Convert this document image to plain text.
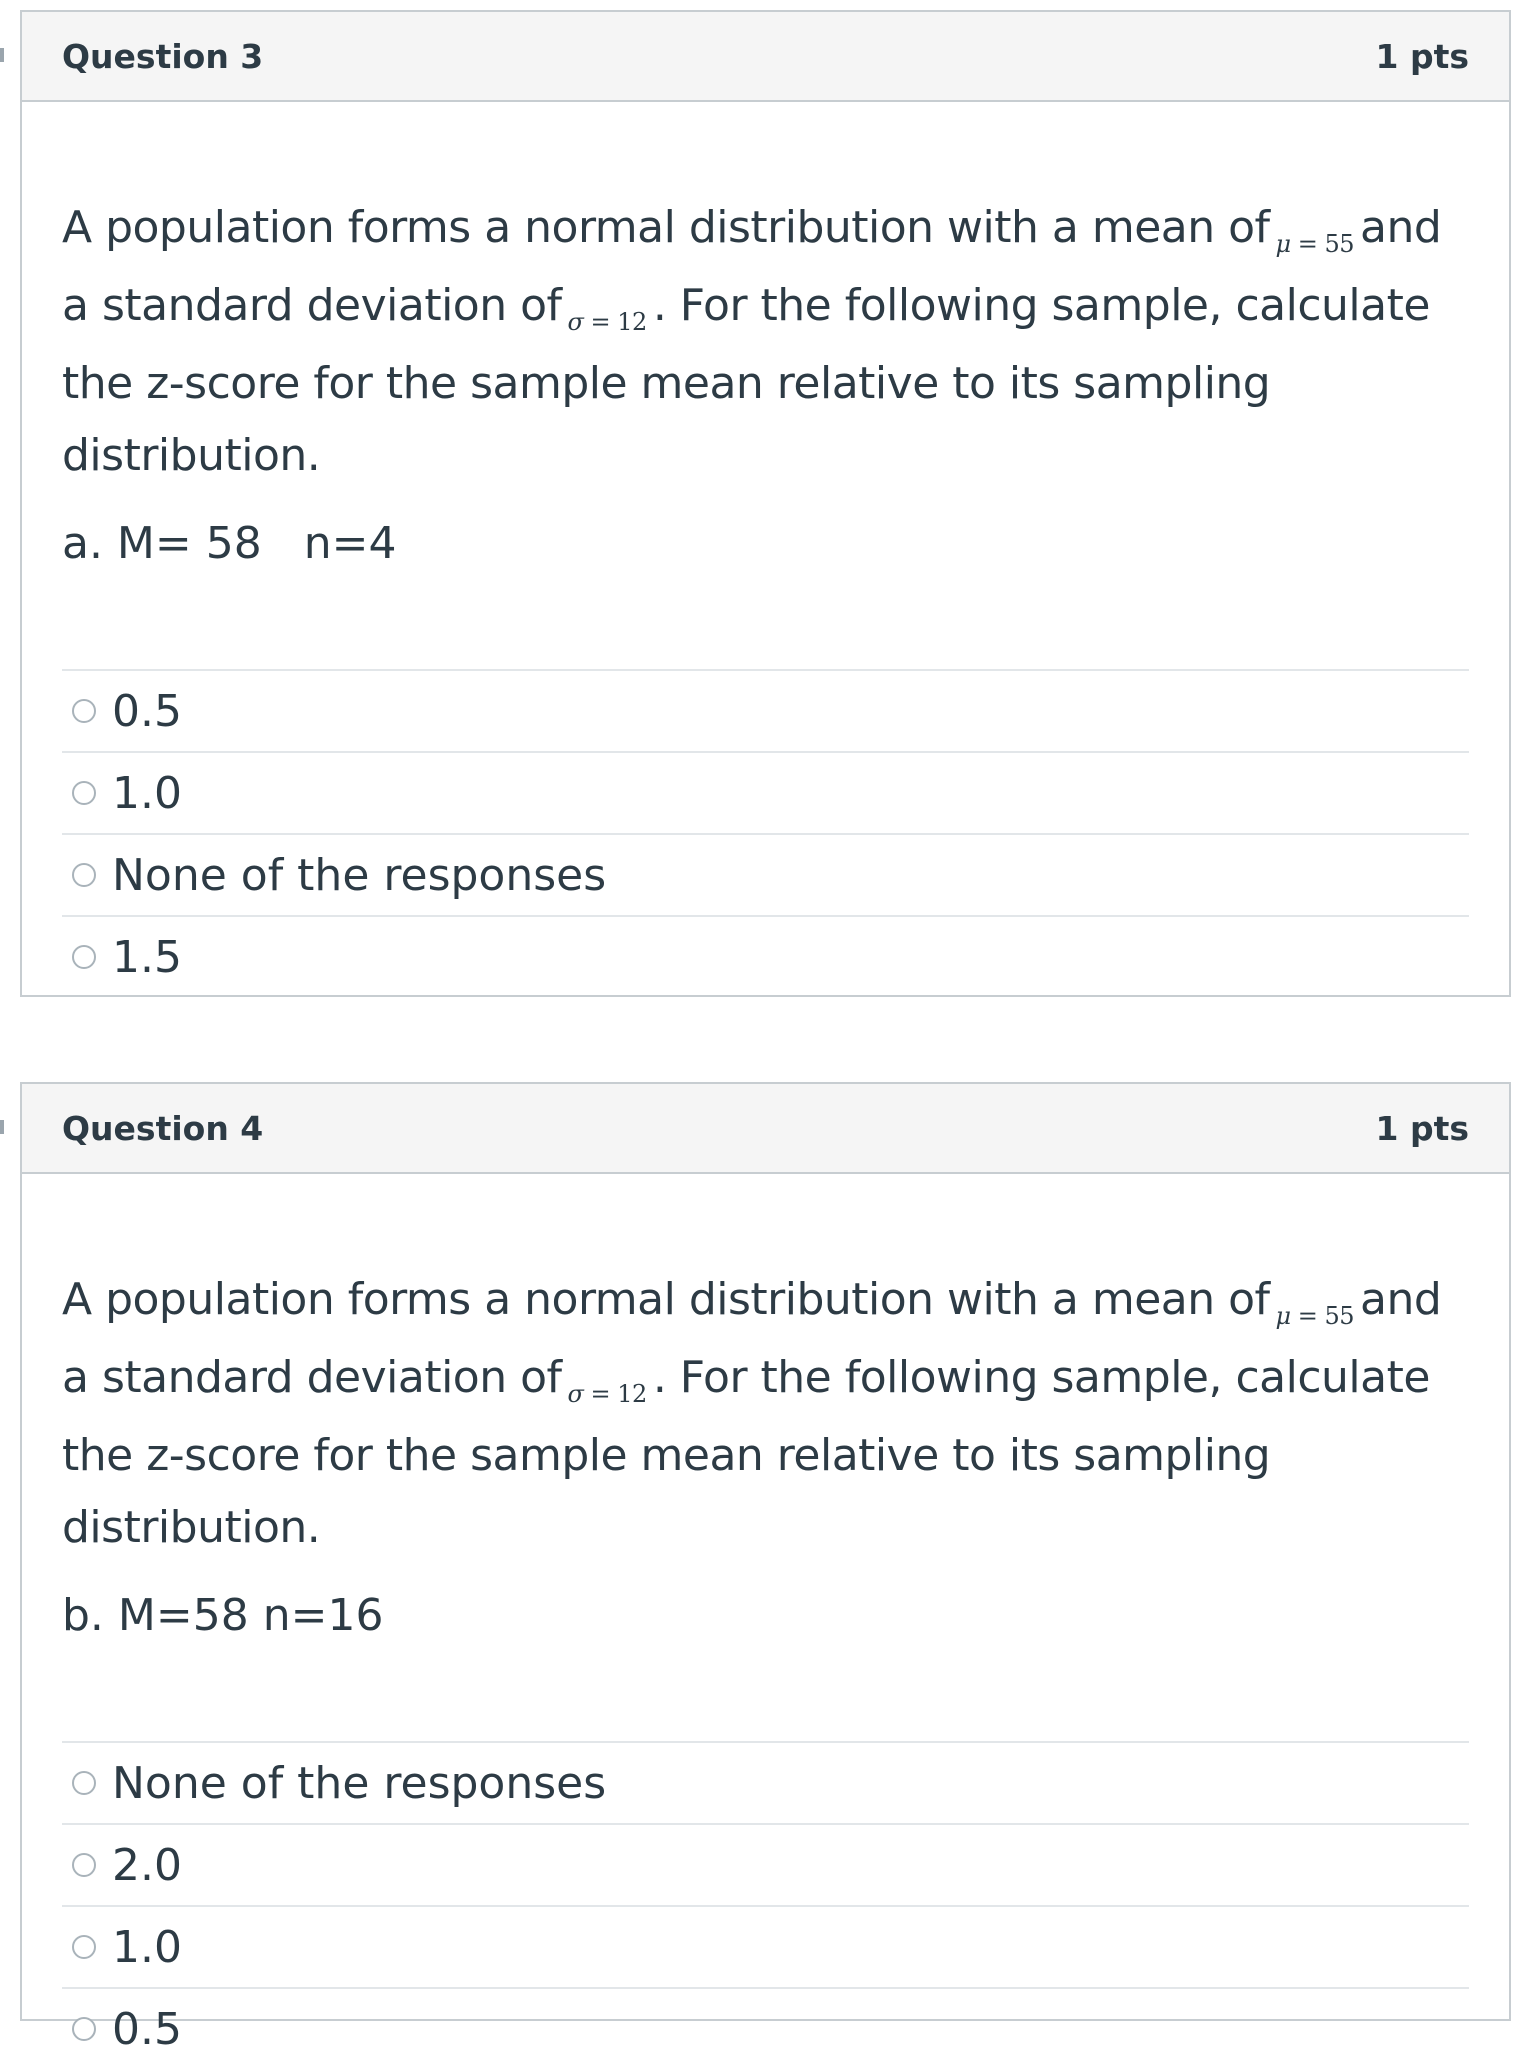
Question 3	1 pts
A population forms a normal distribution with a mean of $_{\mu = 55}$ and a standard deviation of $_{\sigma = 12}$ . For the following sample, calculate the z-score for the sample mean relative to its sampling distribution.
a. M= 58   n=4
0.5
1.0
None of the responses
1.5
Question 4	1 pts
A population forms a normal distribution with a mean of $_{\mu = 55}$ and a standard deviation of $_{\sigma = 12}$ . For the following sample, calculate the z-score for the sample mean relative to its sampling distribution.
b. M=58 n=16
None of the responses
2.0
1.0
0.5
